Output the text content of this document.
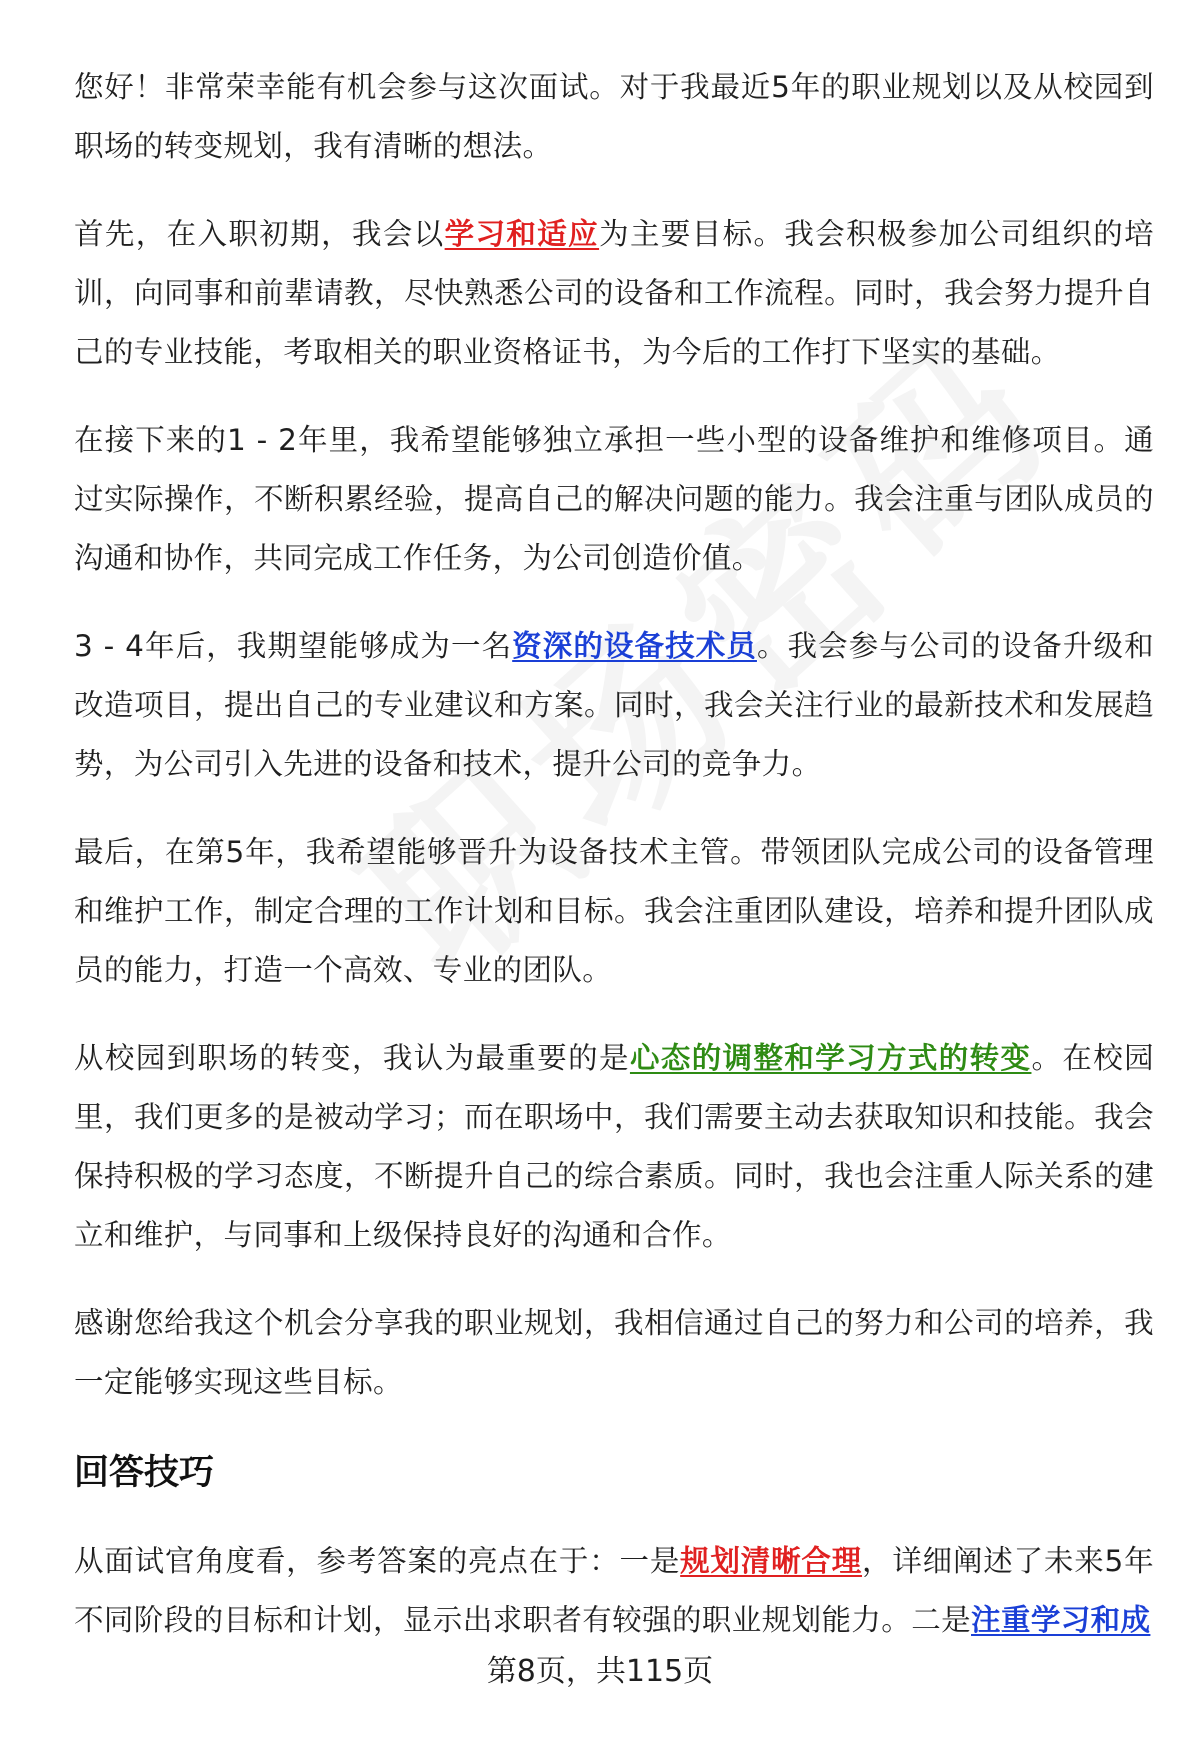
您好！非常荣幸能有机会参与这次面试。对于我最近5年的职业规划以及从校园到职场的转变规划，我有清晰的想法。
首先，在入职初期，我会以学习和适应为主要目标。我会积极参加公司组织的培训，向同事和前辈请教，尽快熟悉公司的设备和工作流程。同时，我会努力提升自己的专业技能，考取相关的职业资格证书，为今后的工作打下坚实的基础。
在接下来的1 - 2年里，我希望能够独立承担一些小型的设备维护和维修项目。通过实际操作，不断积累经验，提高自己的解决问题的能力。我会注重与团队成员的沟通和协作，共同完成工作任务，为公司创造价值。
3 - 4年后，我期望能够成为一名资深的设备技术员。我会参与公司的设备升级和改造项目，提出自己的专业建议和方案。同时，我会关注行业的最新技术和发展趋势，为公司引入先进的设备和技术，提升公司的竞争力。
最后，在第5年，我希望能够晋升为设备技术主管。带领团队完成公司的设备管理和维护工作，制定合理的工作计划和目标。我会注重团队建设，培养和提升团队成员的能力，打造一个高效、专业的团队。
从校园到职场的转变，我认为最重要的是心态的调整和学习方式的转变。在校园里，我们更多的是被动学习；而在职场中，我们需要主动去获取知识和技能。我会保持积极的学习态度，不断提升自己的综合素质。同时，我也会注重人际关系的建立和维护，与同事和上级保持良好的沟通和合作。
感谢您给我这个机会分享我的职业规划，我相信通过自己的努力和公司的培养，我一定能够实现这些目标。
回答技巧
从面试官角度看，参考答案的亮点在于：一是规划清晰合理，详细阐述了未来5年不同阶段的目标和计划，显示出求职者有较强的职业规划能力。二是注重学习和成
第8页，共115页
